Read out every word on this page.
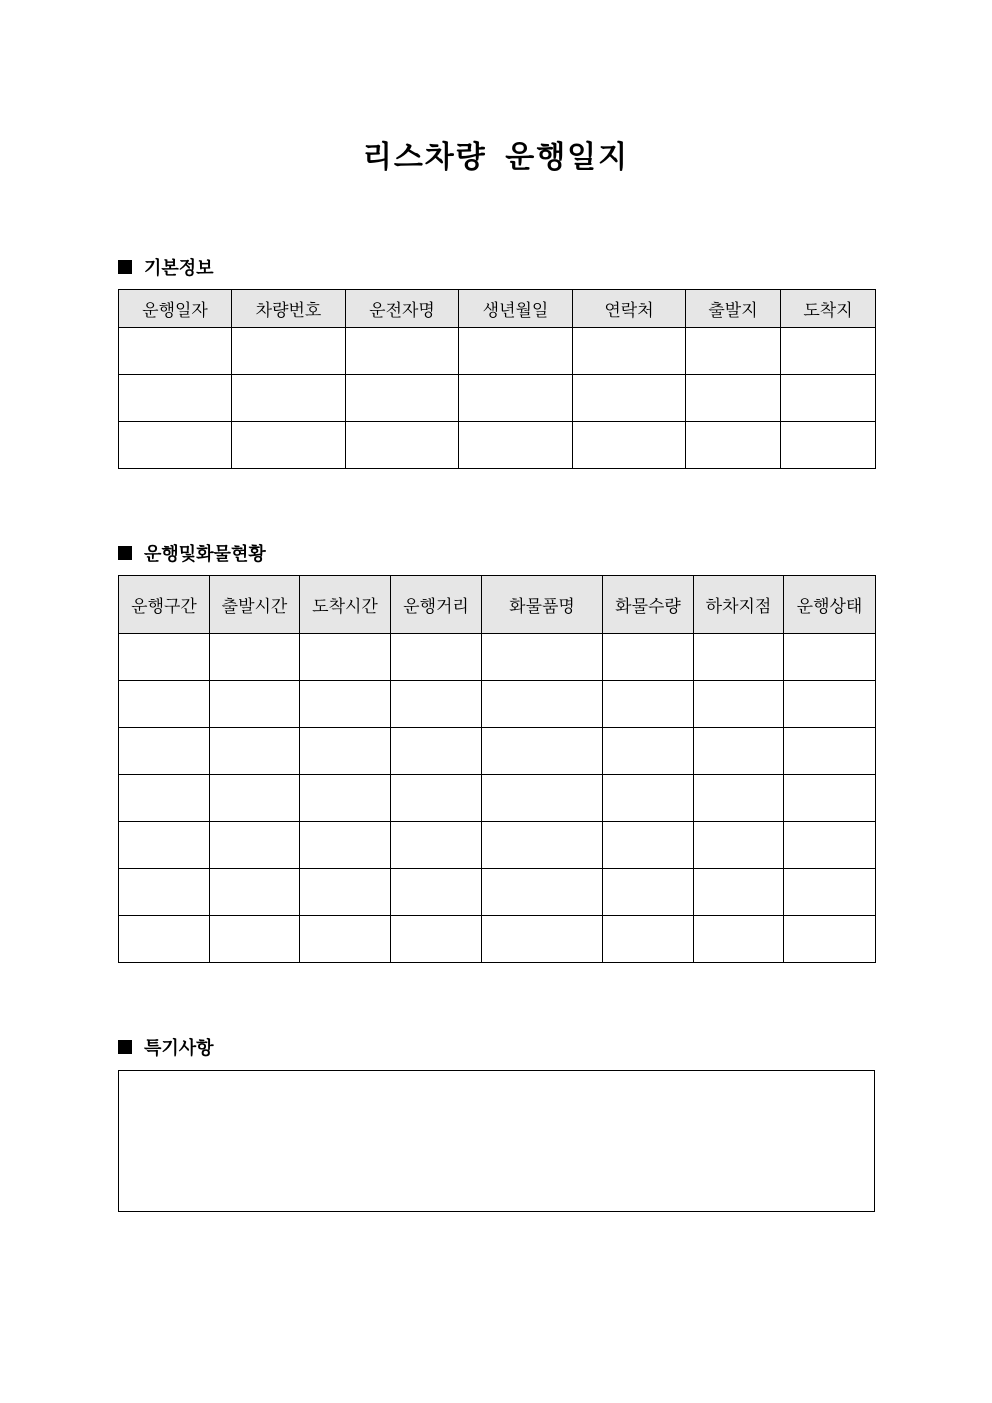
리스차량 운행일지
기본정보
운행일자	차량번호	운전자명	생년월일	연락처	출발지	도착지

운행및화물현황
운행구간	출발시간	도착시간	운행거리	화물품명	화물수량	하차지점	운행상태

특기사항
